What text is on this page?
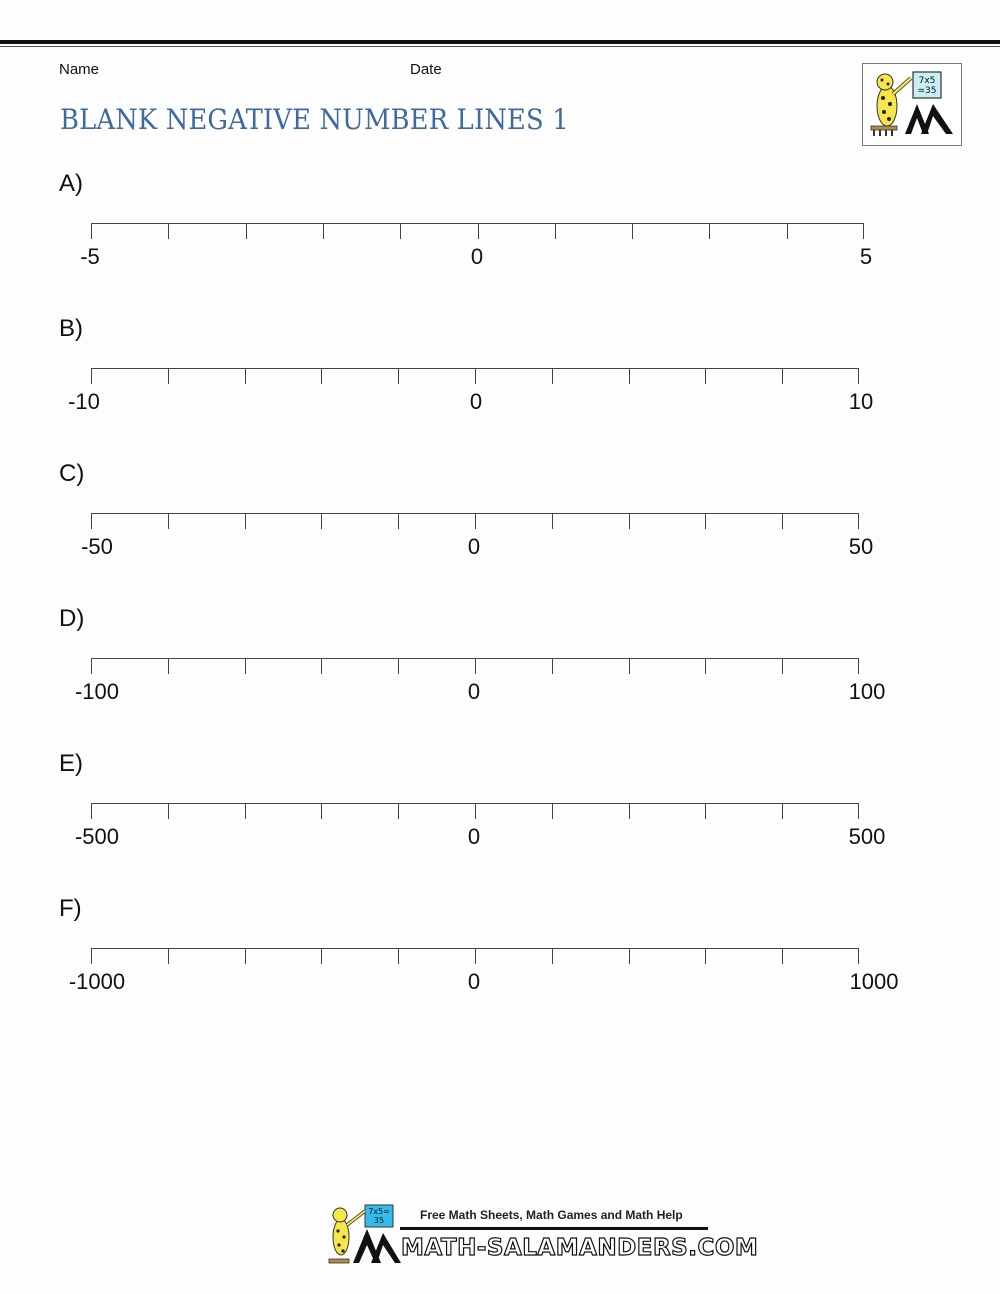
Name	Date
BLANK NEGATIVE NUMBER LINES 1
7x5
=35
A)
-5	0	5
B)
-10	0	10
C)
-50	0	50
D)
-100	0	100
E)
-500	0	500
F)
-1000	0	1000
7x5=
35	Free Math Sheets, Math Games and Math Help
MATH-SALAMANDERS.COM
